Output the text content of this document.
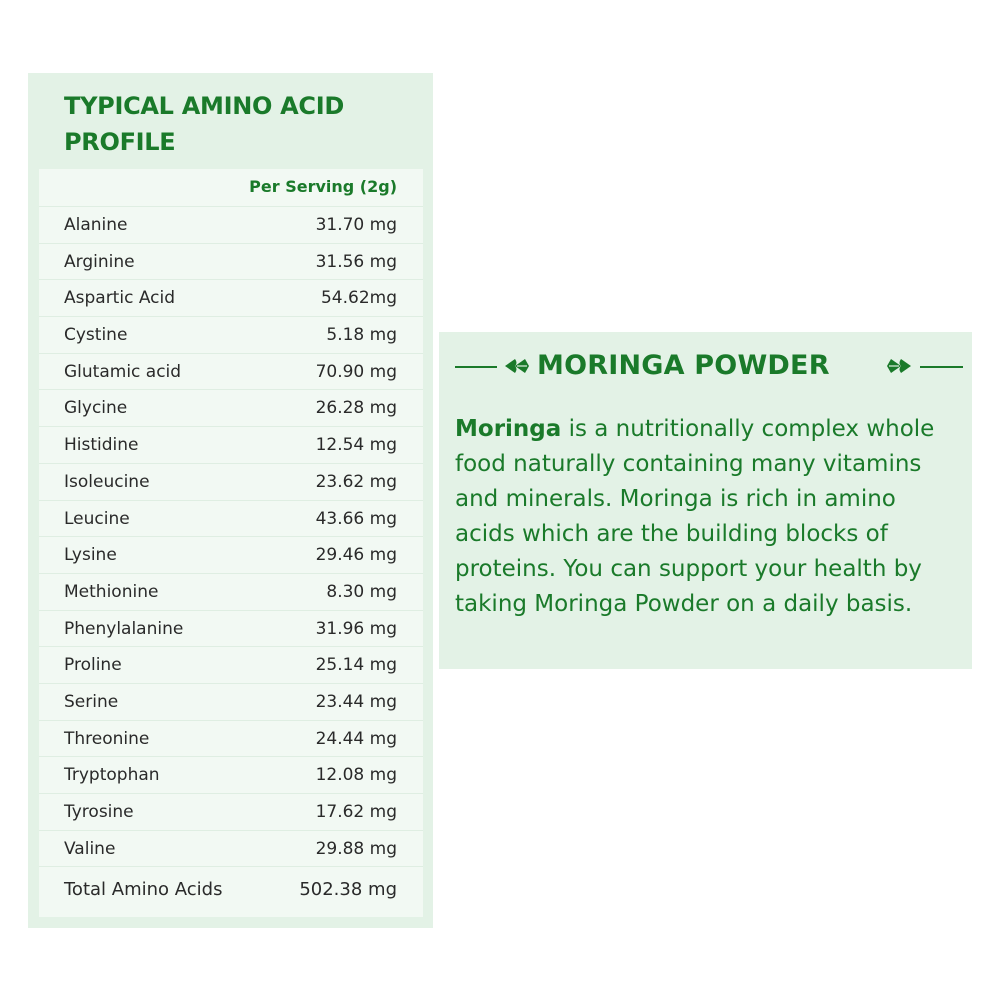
TYPICAL AMINO ACID PROFILE
Per Serving (2g)
Alanine	31.70 mg
Arginine	31.56 mg
Aspartic Acid	54.62mg
Cystine	5.18 mg
Glutamic acid	70.90 mg
Glycine	26.28 mg
Histidine	12.54 mg
Isoleucine	23.62 mg
Leucine	43.66 mg
Lysine	29.46 mg
Methionine	8.30 mg
Phenylalanine	31.96 mg
Proline	25.14 mg
Serine	23.44 mg
Threonine	24.44 mg
Tryptophan	12.08 mg
Tyrosine	17.62 mg
Valine	29.88 mg
Total Amino Acids	502.38 mg
MORINGA POWDER

Moringa is a nutritionally complex whole food naturally containing many vitamins and minerals. Moringa is rich in amino acids which are the building blocks of proteins. You can support your health by taking Moringa Powder on a daily basis.
